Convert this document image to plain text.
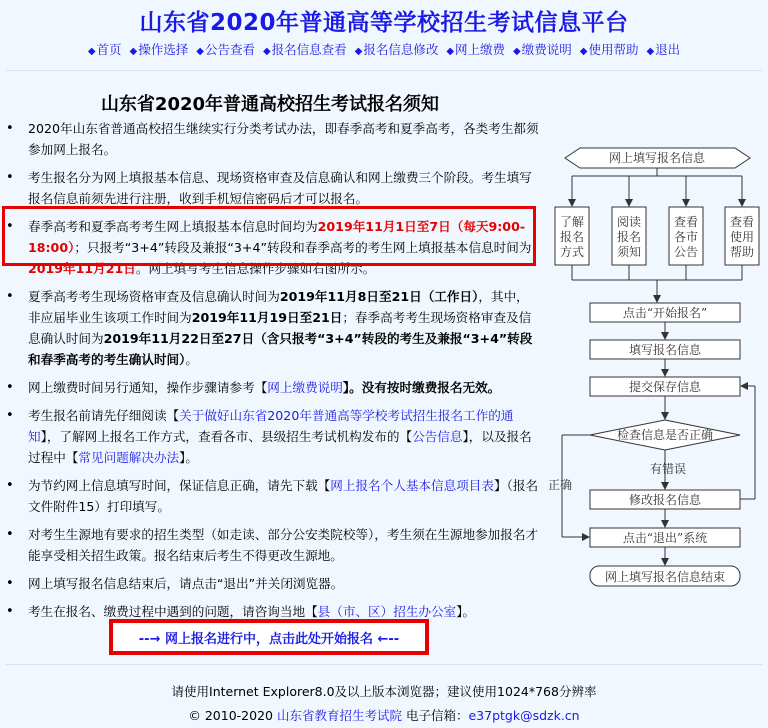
山东省2020年普通高等学校招生考试信息平台
◆首页 ◆操作选择 ◆公告查看 ◆报名信息查看 ◆报名信息修改 ◆网上缴费 ◆缴费说明 ◆使用帮助 ◆退出
山东省2020年普通高校招生考试报名须知
• 2020年山东省普通高校招生继续实行分类考试办法，即春季高考和夏季高考，各类考生都须参加网上报名。
• 考生报名分为网上填报基本信息、现场资格审查及信息确认和网上缴费三个阶段。考生填写报名信息前须先进行注册，收到手机短信密码后才可以报名。
• 春季高考和夏季高考考生网上填报基本信息时间均为2019年11月1日至7日（每天9:00-18:00）；只报考“3+4”转段及兼报“3+4”转段和春季高考的考生网上填报基本信息时间为2019年11月21日。网上填写考生信息操作步骤如右图所示。
• 夏季高考考生现场资格审查及信息确认时间为2019年11月8日至21日（工作日），其中，非应届毕业生该项工作时间为2019年11月19日至21日；春季高考考生现场资格审查及信息确认时间为2019年11月22日至27日（含只报考“3+4”转段的考生及兼报“3+4”转段和春季高考的考生确认时间）。
• 网上缴费时间另行通知，操作步骤请参考【网上缴费说明】。没有按时缴费报名无效。
• 考生报名前请先仔细阅读【关于做好山东省2020年普通高等学校考试招生报名工作的通知】，了解网上报名工作方式，查看各市、县级招生考试机构发布的【公告信息】，以及报名过程中【常见问题解决办法】。
• 为节约网上信息填写时间，保证信息正确，请先下载【网上报名个人基本信息项目表】（报名文件附件15）打印填写。
• 对考生生源地有要求的招生类型（如走读、部分公安类院校等），考生须在生源地参加报名才能享受相关招生政策。报名结束后考生不得更改生源地。
• 网上填写报名信息结束后，请点击“退出”并关闭浏览器。
• 考生在报名、缴费过程中遇到的问题，请咨询当地【县（市、区）招生办公室】。
--→ 网上报名进行中，点击此处开始报名 ←--
网上填写报名信息
了解
报名
方式
阅读
报名
须知
查看
各市
公告
查看
使用
帮助
点击“开始报名”
填写报名信息
提交保存信息
检查信息是否正确
正确
有错误
修改报名信息
点击“退出”系统
网上填写报名信息结束
请使用Internet Explorer8.0及以上版本浏览器；建议使用1024*768分辨率
© 2010-2020 山东省教育招生考试院 电子信箱：e37ptgk@sdzk.cn
